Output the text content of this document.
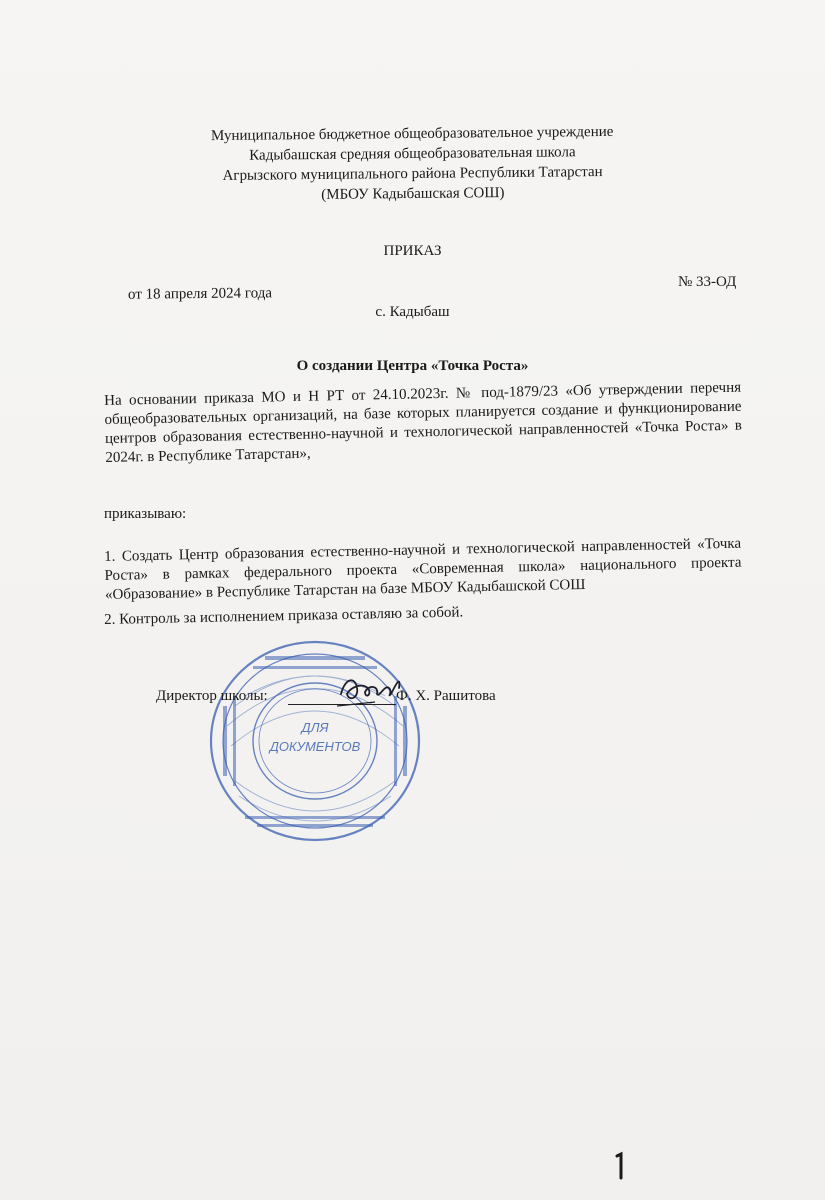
Муниципальное бюджетное общеобразовательное учреждение
Кадыбашская средняя общеобразовательная школа
Агрызского муниципального района Республики Татарстан
(МБОУ Кадыбашская СОШ)
ПРИКАЗ
от 18 апреля 2024 года
№ 33-ОД
с. Кадыбаш
О создании Центра «Точка Роста»
На основании приказа МО и Н РТ от 24.10.2023г. № под-1879/23 «Об утверждении перечня общеобразовательных организаций, на базе которых планируется создание и функционирование центров образования естественно-научной и технологической направленностей «Точка Роста» в 2024г. в Республике Татарстан»,
приказываю:
1. Создать Центр образования естественно-научной и технологической направленностей «Точка Роста» в рамках федерального проекта «Современная школа» национального проекта «Образование» в Республике Татарстан на базе МБОУ Кадыбашской СОШ
2. Контроль за исполнением приказа оставляю за собой.
ДЛЯ
ДОКУМЕНТОВ
Директор школы:	Ф. Х. Рашитова
1
